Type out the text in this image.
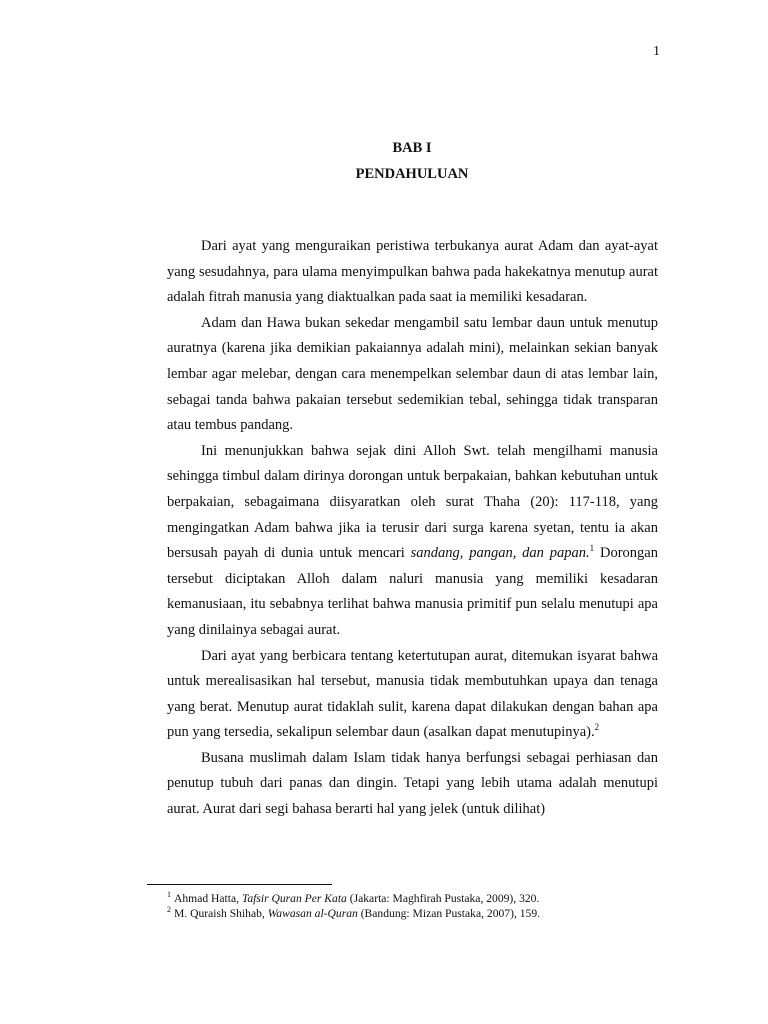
1
BAB I
PENDAHULUAN

Dari ayat yang menguraikan peristiwa terbukanya aurat Adam dan ayat-ayat yang sesudahnya, para ulama menyimpulkan bahwa pada hakekatnya menutup aurat adalah fitrah manusia yang diaktualkan pada saat ia memiliki kesadaran.

Adam dan Hawa bukan sekedar mengambil satu lembar daun untuk menutup auratnya (karena jika demikian pakaiannya adalah mini), melainkan sekian banyak lembar agar melebar, dengan cara menempelkan selembar daun di atas lembar lain, sebagai tanda bahwa pakaian tersebut sedemikian tebal, sehingga tidak transparan atau tembus pandang.

Ini menunjukkan bahwa sejak dini Alloh Swt. telah mengilhami manusia sehingga timbul dalam dirinya dorongan untuk berpakaian, bahkan kebutuhan untuk berpakaian, sebagaimana diisyaratkan oleh surat Thaha (20): 117-118, yang mengingatkan Adam bahwa jika ia terusir dari surga karena syetan, tentu ia akan bersusah payah di dunia untuk mencari sandang, pangan, dan papan.$^1$ Dorongan tersebut diciptakan Alloh dalam naluri manusia yang memiliki kesadaran kemanusiaan, itu sebabnya terlihat bahwa manusia primitif pun selalu menutupi apa yang dinilainya sebagai aurat.

Dari ayat yang berbicara tentang ketertutupan aurat, ditemukan isyarat bahwa untuk merealisasikan hal tersebut, manusia tidak membutuhkan upaya dan tenaga yang berat. Menutup aurat tidaklah sulit, karena dapat dilakukan dengan bahan apa pun yang tersedia, sekalipun selembar daun (asalkan dapat menutupinya).$^2$

Busana muslimah dalam Islam tidak hanya berfungsi sebagai perhiasan dan penutup tubuh dari panas dan dingin. Tetapi yang lebih utama adalah menutupi aurat. Aurat dari segi bahasa berarti hal yang jelek (untuk dilihat)

$^1$ Ahmad Hatta, Tafsir Quran Per Kata (Jakarta: Maghfirah Pustaka, 2009), 320.
$^2$ M. Quraish Shihab, Wawasan al-Quran (Bandung: Mizan Pustaka, 2007), 159.
